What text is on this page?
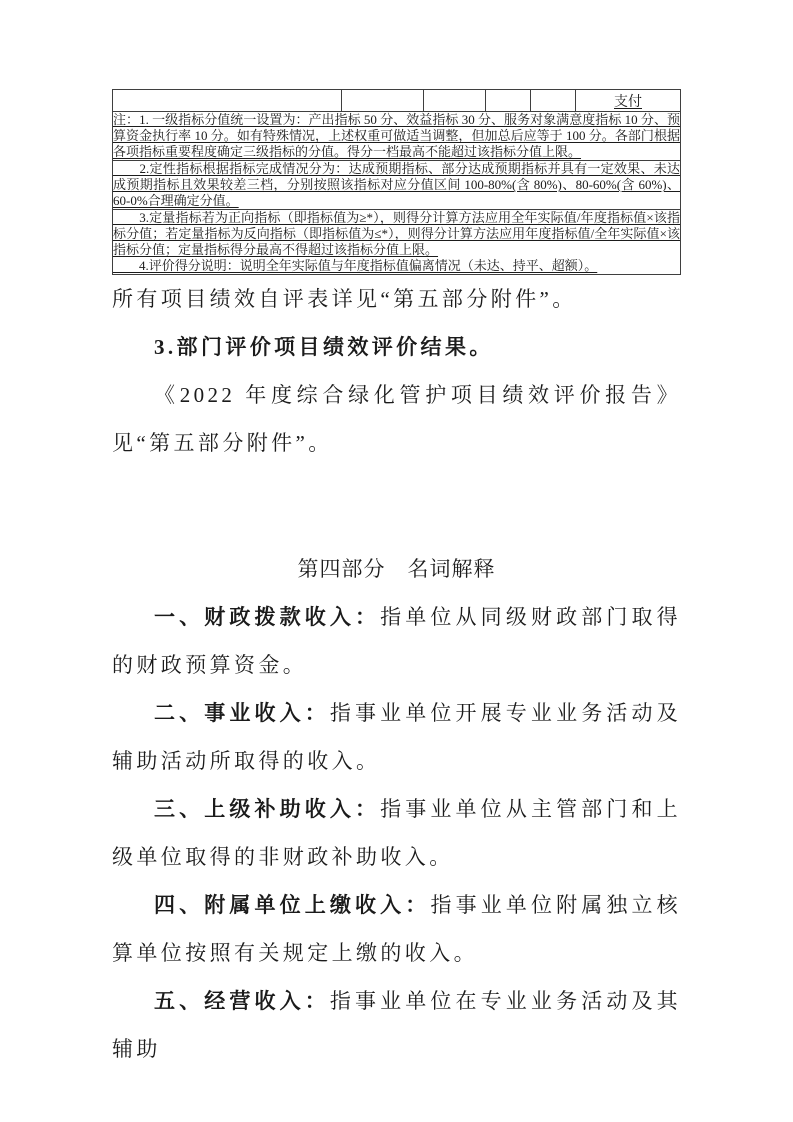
					支付

注：1. 一级指标分值统一设置为：产出指标 50 分、效益指标 30 分、服务对象满意度指标 10 分、预算资金执行率 10 分。如有特殊情况，上述权重可做适当调整，但加总后应等于 100 分。各部门根据各项指标重要程度确定三级指标的分值。得分一档最高不能超过该指标分值上限。

　　2.定性指标根据指标完成情况分为：达成预期指标、部分达成预期指标并具有一定效果、未达成预期指标且效果较差三档，分别按照该指标对应分值区间 100-80%(含 80%)、80-60%(含 60%)、60-0%合理确定分值。

　　3.定量指标若为正向指标（即指标值为≥*），则得分计算方法应用全年实际值/年度指标值×该指标分值；若定量指标为反向指标（即指标值为≤*），则得分计算方法应用年度指标值/全年实际值×该指标分值；定量指标得分最高不得超过该指标分值上限。

　　4.评价得分说明：说明全年实际值与年度指标值偏离情况（未达、持平、超额）。

所有项目绩效自评表详见“第五部分附件”。

3.部门评价项目绩效评价结果。

《2022 年度综合绿化管护项目绩效评价报告》见“第五部分附件”。

第四部分　名词解释

一、财政拨款收入：指单位从同级财政部门取得的财政预算资金。

二、事业收入：指事业单位开展专业业务活动及辅助活动所取得的收入。

三、上级补助收入：指事业单位从主管部门和上级单位取得的非财政补助收入。

四、附属单位上缴收入：指事业单位附属独立核算单位按照有关规定上缴的收入。

五、经营收入：指事业单位在专业业务活动及其辅助
